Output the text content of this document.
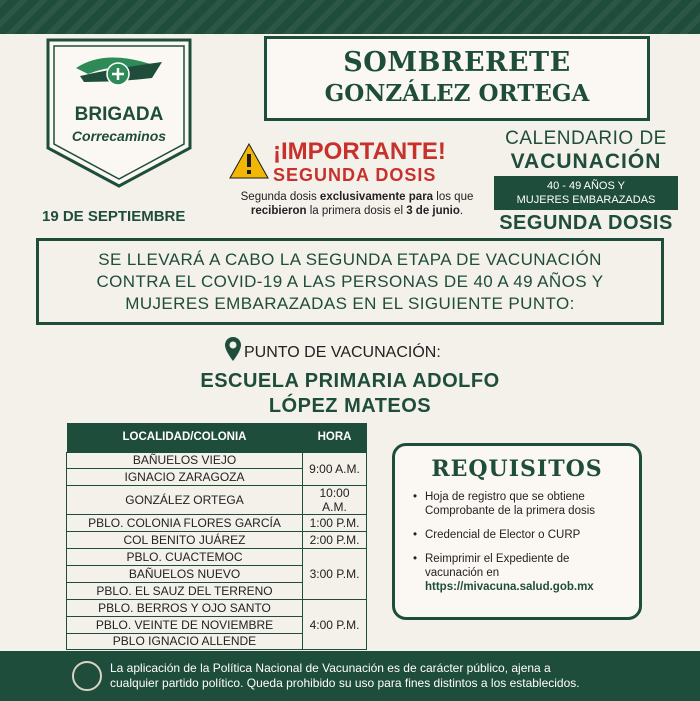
BRIGADA
Correcaminos
SOMBRERETE
GONZÁLEZ ORTEGA
¡IMPORTANTE!
SEGUNDA DOSIS
Segunda dosis exclusivamente para los que recibieron la primera dosis el 3 de junio.
19 DE SEPTIEMBRE
CALENDARIO DE
VACUNACIÓN
40 - 49 AÑOS Y
MUJERES EMBARAZADAS
SEGUNDA DOSIS
SE LLEVARÁ A CABO LA SEGUNDA ETAPA DE VACUNACIÓN
CONTRA EL COVID-19 A LAS PERSONAS DE 40 A 49 AÑOS Y
MUJERES EMBARAZADAS EN EL SIGUIENTE PUNTO:
PUNTO DE VACUNACIÓN:
ESCUELA PRIMARIA ADOLFO
LÓPEZ MATEOS
LOCALIDAD/COLONIA	HORA
BAÑUELOS VIEJO	9:00 A.M.
IGNACIO ZARAGOZA	
GONZÁLEZ ORTEGA	10:00 A.M.
PBLO. COLONIA FLORES GARCÍA	1:00 P.M.
COL BENITO JUÁREZ	2:00 P.M.
PBLO. CUACTEMOC	3:00 P.M.
BAÑUELOS NUEVO	
PBLO. EL SAUZ DEL TERRENO	
PBLO. BERROS Y OJO SANTO	4:00 P.M.
PBLO. VEINTE DE NOVIEMBRE	
PBLO IGNACIO ALLENDE	
REQUISITOS
• Hoja de registro que se obtiene
Comprobante de la primera dosis
• Credencial de Elector o CURP
• Reimprimir el Expediente de
vacunación en
https://mivacuna.salud.gob.mx
La aplicación de la Política Nacional de Vacunación es de carácter público, ajena a
cualquier partido político. Queda prohibido su uso para fines distintos a los establecidos.
